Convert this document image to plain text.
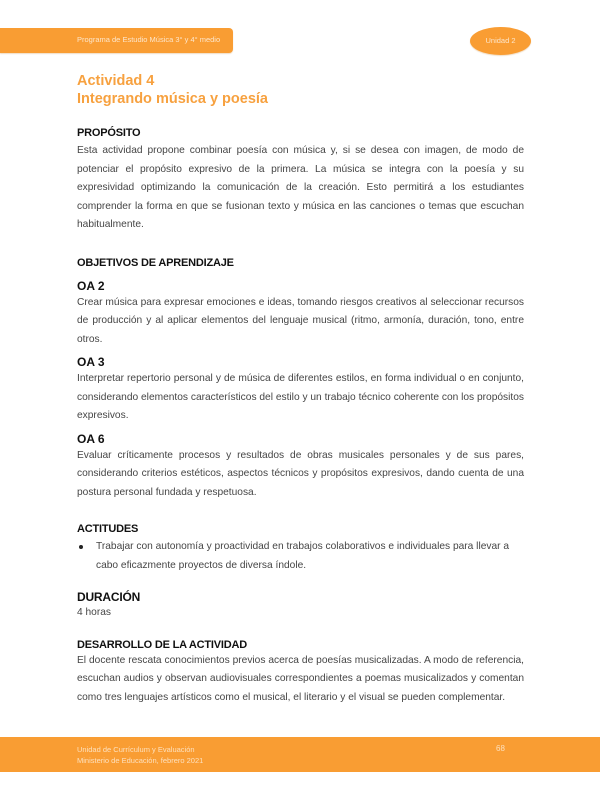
Programa de Estudio Música 3° y 4° medio	Unidad 2
Actividad 4
Integrando música y poesía
PROPÓSITO

Esta actividad propone combinar poesía con música y, si se desea con imagen, de modo de potenciar el propósito expresivo de la primera. La música se integra con la poesía y su expresividad optimizando la comunicación de la creación. Esto permitirá a los estudiantes comprender la forma en que se fusionan texto y música en las canciones o temas que escuchan habitualmente.

OBJETIVOS DE APRENDIZAJE
OA 2

Crear música para expresar emociones e ideas, tomando riesgos creativos al seleccionar recursos de producción y al aplicar elementos del lenguaje musical (ritmo, armonía, duración, tono, entre otros.

OA 3

Interpretar repertorio personal y de música de diferentes estilos, en forma individual o en conjunto, considerando elementos característicos del estilo y un trabajo técnico coherente con los propósitos expresivos.

OA 6

Evaluar críticamente procesos y resultados de obras musicales personales y de sus pares, considerando criterios estéticos, aspectos técnicos y propósitos expresivos, dando cuenta de una postura personal fundada y respetuosa.

ACTITUDES
Trabajar con autonomía y proactividad en trabajos colaborativos e individuales para llevar a cabo eficazmente proyectos de diversa índole.
DURACIÓN

4 horas

DESARROLLO DE LA ACTIVIDAD

El docente rescata conocimientos previos acerca de poesías musicalizadas. A modo de referencia, escuchan audios y observan audiovisuales correspondientes a poemas musicalizados y comentan como tres lenguajes artísticos como el musical, el literario y el visual se pueden complementar.

Unidad de Currículum y Evaluación
Ministerio de Educación, febrero 2021
68
